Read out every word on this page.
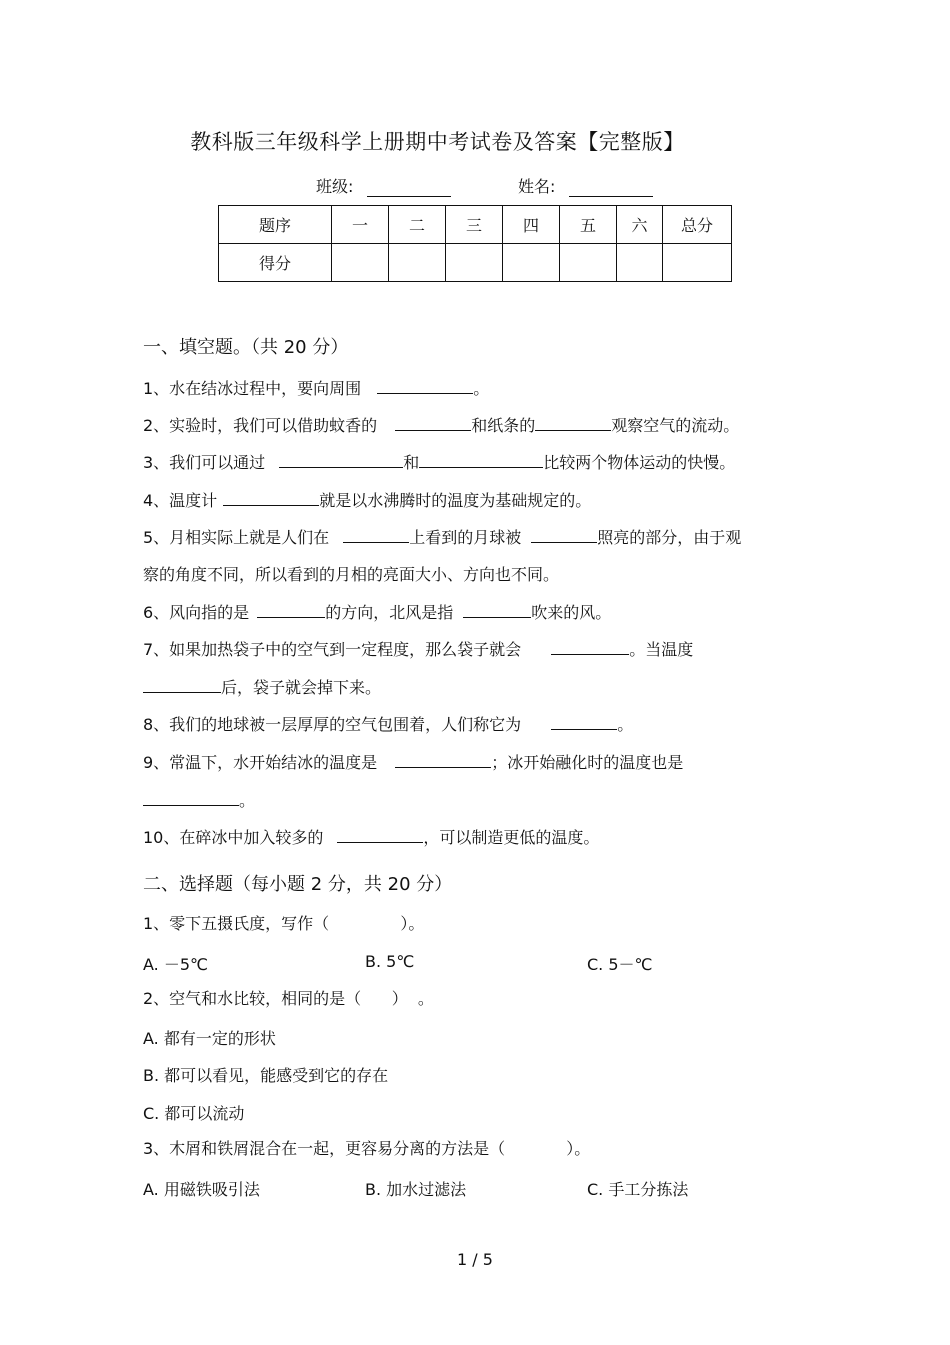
教科版三年级科学上册期中考试卷及答案【完整版】
班级:	姓名:
题序	一	二	三	四	五	六	总分
得分							
一、填空题。（共 20 分）
1、水在结冰过程中，要向周围	。
2、实验时，我们可以借助蚊香的	和纸条的	观察空气的流动。
3、我们可以通过	和	比较两个物体运动的快慢。
4、温度计	就是以水沸腾时的温度为基础规定的。
5、月相实际上就是人们在	上看到的月球被	照亮的部分，由于观
察的角度不同，所以看到的月相的亮面大小、方向也不同。
6、风向指的是	的方向，北风是指	吹来的风。
7、如果加热袋子中的空气到一定程度，那么袋子就会	。当温度
后，袋子就会掉下来。
8、我们的地球被一层厚厚的空气包围着，人们称它为	。
9、常温下，水开始结冰的温度是	；冰开始融化时的温度也是
。
10、在碎冰中加入较多的	，可以制造更低的温度。
二、选择题（每小题 2 分，共 20 分）
1、零下五摄氏度，写作（              ）。
A. －5℃	B. 5℃	C. 5－℃
2、空气和水比较，相同的是（      ）  。
A. 都有一定的形状
B. 都可以看见，能感受到它的存在
C. 都可以流动
3、木屑和铁屑混合在一起，更容易分离的方法是（            ）。
A. 用磁铁吸引法	B. 加水过滤法	C. 手工分拣法
1 / 5
